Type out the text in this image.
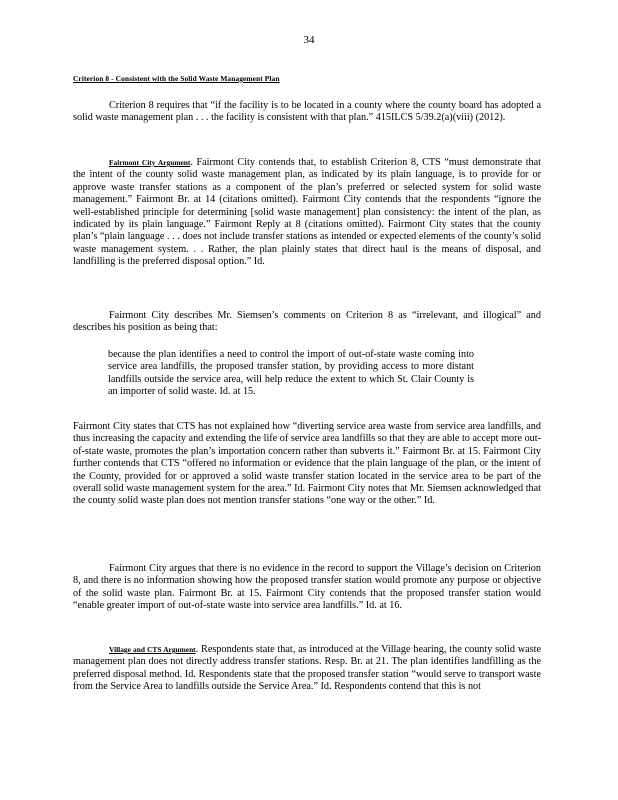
34
Criterion 8 - Consistent with the Solid Waste Management Plan
Criterion 8 requires that “if the facility is to be located in a county where the county board has adopted a solid waste management plan . . . the facility is consistent with that plan.” 415ILCS 5/39.2(a)(viii) (2012).
Fairmont City Argument. Fairmont City contends that, to establish Criterion 8, CTS “must demonstrate that the intent of the county solid waste management plan, as indicated by its plain language, is to provide for or approve waste transfer stations as a component of the plan’s preferred or selected system for solid waste management.” Fairmont Br. at 14 (citations omitted). Fairmont City contends that the respondents “ignore the well-established principle for determining [solid waste management] plan consistency: the intent of the plan, as indicated by its plain language.” Fairmont Reply at 8 (citations omitted). Fairmont City states that the county plan’s “plain language . . . does not include transfer stations as intended or expected elements of the county’s solid waste management system. . . Rather, the plan plainly states that direct haul is the means of disposal, and landfilling is the preferred disposal option.” Id.
Fairmont City describes Mr. Siemsen’s comments on Criterion 8 as “irrelevant, and illogical” and describes his position as being that:
because the plan identifies a need to control the import of out-of-state waste coming into service area landfills, the proposed transfer station, by providing access to more distant landfills outside the service area, will help reduce the extent to which St. Clair County is an importer of solid waste. Id. at 15.
Fairmont City states that CTS has not explained how “diverting service area waste from service area landfills, and thus increasing the capacity and extending the life of service area landfills so that they are able to accept more out-of-state waste, promotes the plan’s importation concern rather than subverts it.” Fairmont Br. at 15. Fairmont City further contends that CTS “offered no information or evidence that the plain language of the plan, or the intent of the County, provided for or approved a solid waste transfer station located in the service area to be part of the overall solid waste management system for the area.” Id. Fairmont City notes that Mr. Siemsen acknowledged that the county solid waste plan does not mention transfer stations “one way or the other.” Id.
Fairmont City argues that there is no evidence in the record to support the Village’s decision on Criterion 8, and there is no information showing how the proposed transfer station would promote any purpose or objective of the solid waste plan. Fairmont Br. at 15. Fairmont City contends that the proposed transfer station would “enable greater import of out-of-state waste into service area landfills.” Id. at 16.
Village and CTS Argument. Respondents state that, as introduced at the Village hearing, the county solid waste management plan does not directly address transfer stations. Resp. Br. at 21. The plan identifies landfilling as the preferred disposal method. Id. Respondents state that the proposed transfer station “would serve to transport waste from the Service Area to landfills outside the Service Area.” Id. Respondents contend that this is not
